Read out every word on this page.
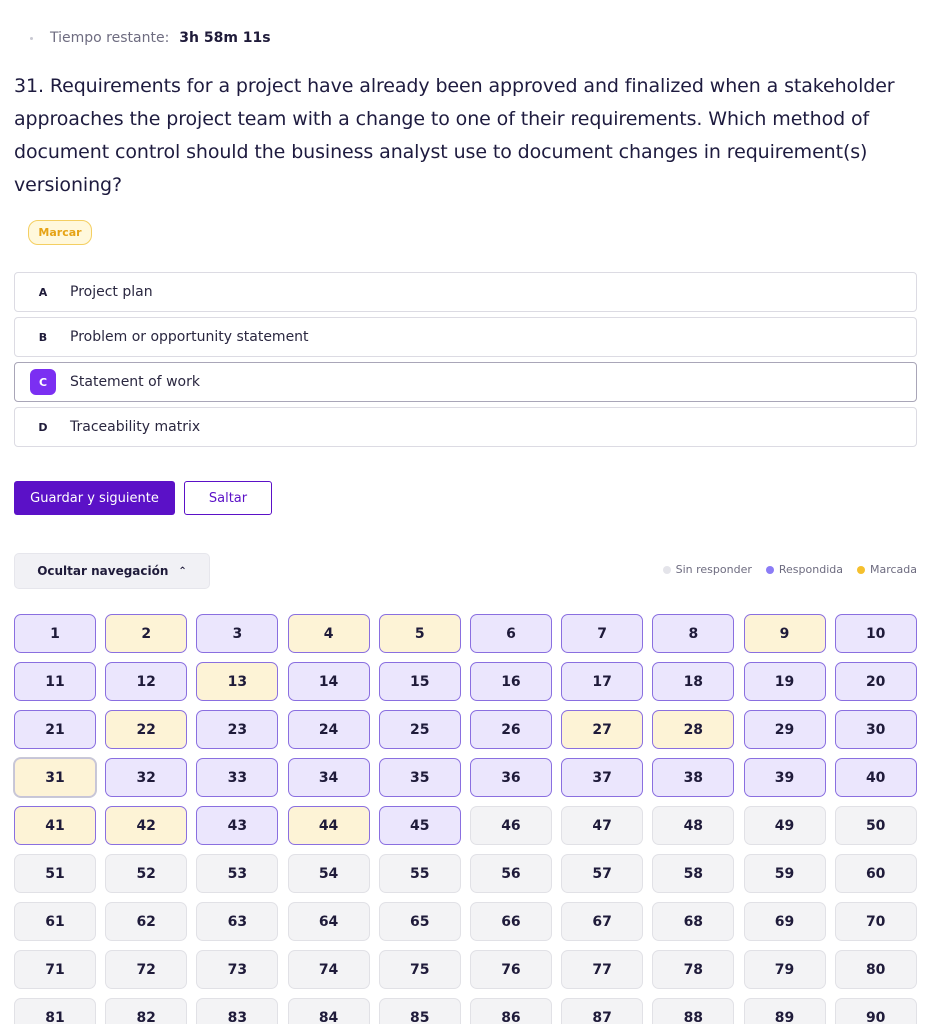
Tiempo restante: 3h 58m 11s
31. Requirements for a project have already been approved and finalized when a stakeholder approaches the project team with a change to one of their requirements. Which method of document control should the business analyst use to document changes in requirement(s) versioning?
Marcar
A	Project plan
B	Problem or opportunity statement
C	Statement of work
D	Traceability matrix
Guardar y siguiente	Saltar
Ocultar navegación ⌃	Sin responder Respondida Marcada
1	2	3	4	5	6	7	8	9	10
11	12	13	14	15	16	17	18	19	20
21	22	23	24	25	26	27	28	29	30
31	32	33	34	35	36	37	38	39	40
41	42	43	44	45	46	47	48	49	50
51	52	53	54	55	56	57	58	59	60
61	62	63	64	65	66	67	68	69	70
71	72	73	74	75	76	77	78	79	80
81	82	83	84	85	86	87	88	89	90
